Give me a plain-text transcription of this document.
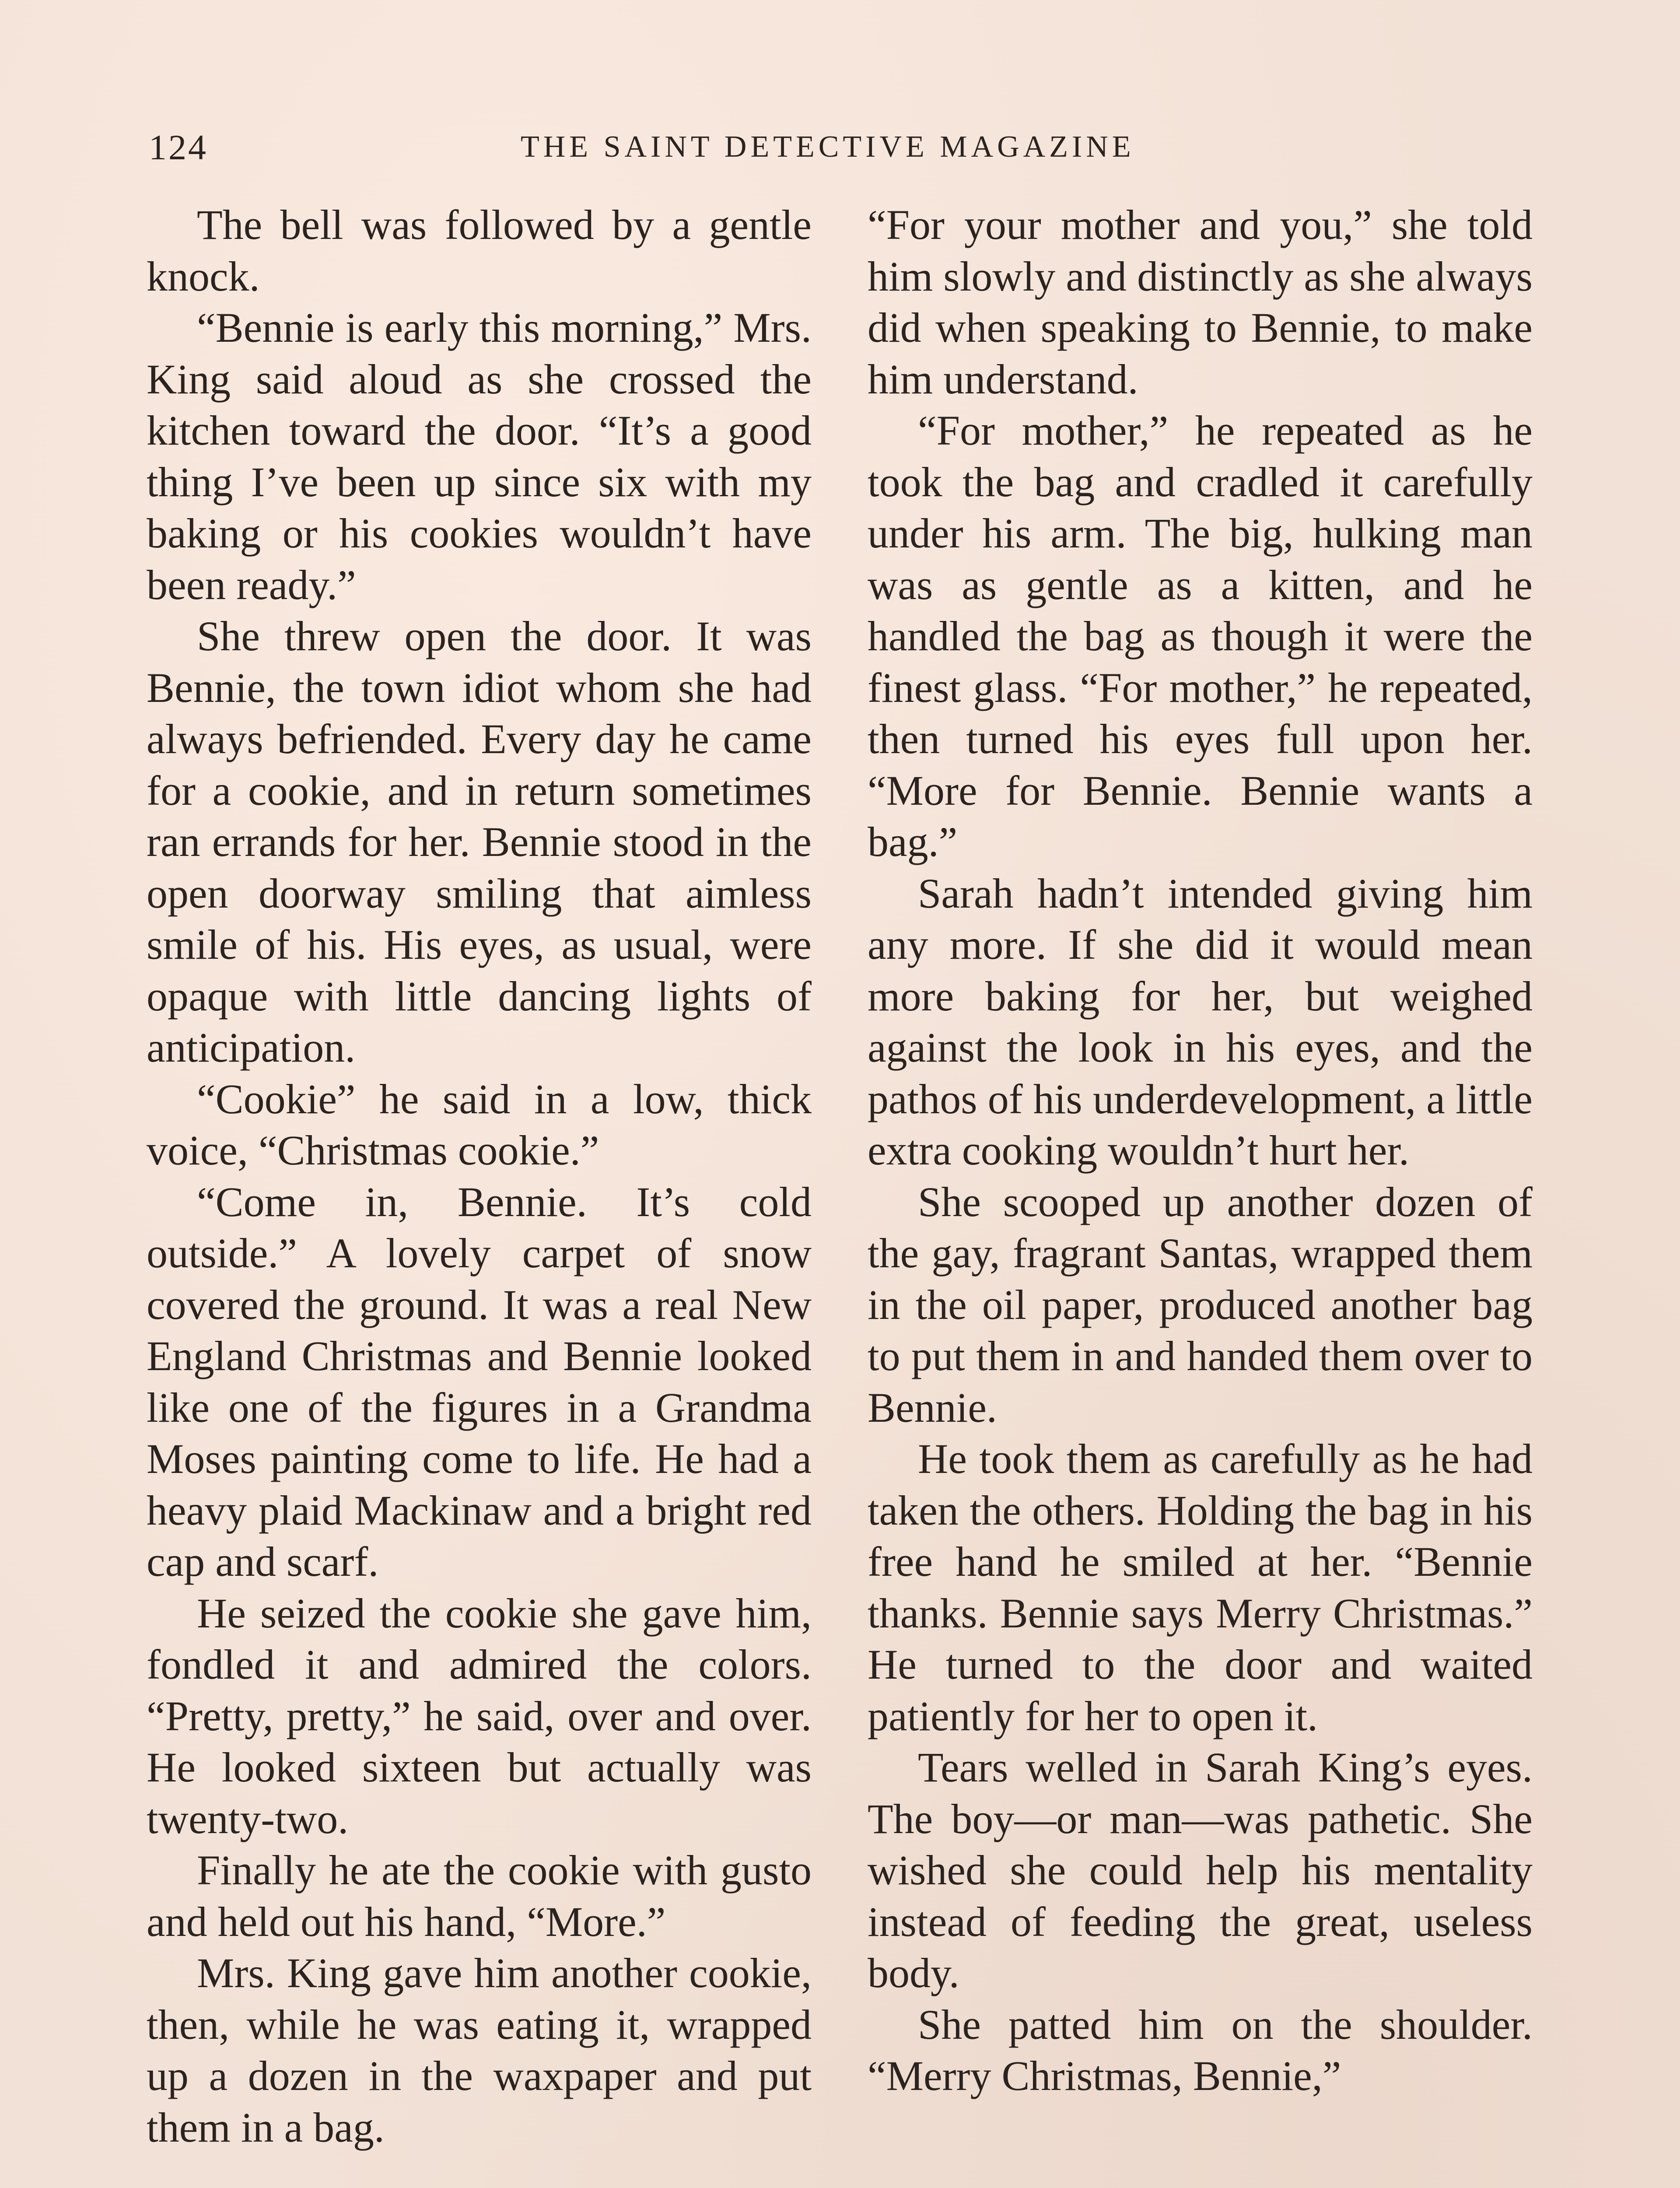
124	THE SAINT DETECTIVE MAGAZINE

The bell was followed by a gentle knock.

“Bennie is early this morning,” Mrs. King said aloud as she crossed the kitchen toward the door. “It’s a good thing I’ve been up since six with my baking or his cookies wouldn’t have been ready.”

She threw open the door. It was Bennie, the town idiot whom she had always befriended. Every day he came for a cookie, and in return sometimes ran errands for her. Bennie stood in the open doorway smiling that aimless smile of his. His eyes, as usual, were opaque with little dancing lights of anticipation.

“Cookie” he said in a low, thick voice, “Christmas cookie.”

“Come in, Bennie. It’s cold outside.” A lovely carpet of snow covered the ground. It was a real New England Christmas and Bennie looked like one of the figures in a Grandma Moses painting come to life. He had a heavy plaid Mackinaw and a bright red cap and scarf.

He seized the cookie she gave him, fondled it and admired the colors. “Pretty, pretty,” he said, over and over. He looked sixteen but actually was twenty-two.

Finally he ate the cookie with gusto and held out his hand, “More.”

Mrs. King gave him another cookie, then, while he was eating it, wrapped up a dozen in the waxpaper and put them in a bag.

“For your mother and you,” she told him slowly and distinctly as she always did when speaking to Bennie, to make him understand.

“For mother,” he repeated as he took the bag and cradled it carefully under his arm. The big, hulking man was as gentle as a kitten, and he handled the bag as though it were the finest glass. “For mother,” he repeated, then turned his eyes full upon her. “More for Bennie. Bennie wants a bag.”

Sarah hadn’t intended giving him any more. If she did it would mean more baking for her, but weighed against the look in his eyes, and the pathos of his underdevelopment, a little extra cooking wouldn’t hurt her.

She scooped up another dozen of the gay, fragrant Santas, wrapped them in the oil paper, produced another bag to put them in and handed them over to Bennie.

He took them as carefully as he had taken the others. Holding the bag in his free hand he smiled at her. “Bennie thanks. Bennie says Merry Christmas.” He turned to the door and waited patiently for her to open it.

Tears welled in Sarah King’s eyes. The boy—or man—was pathetic. She wished she could help his mentality instead of feeding the great, useless body.

She patted him on the shoulder. “Merry Christmas, Bennie,”
